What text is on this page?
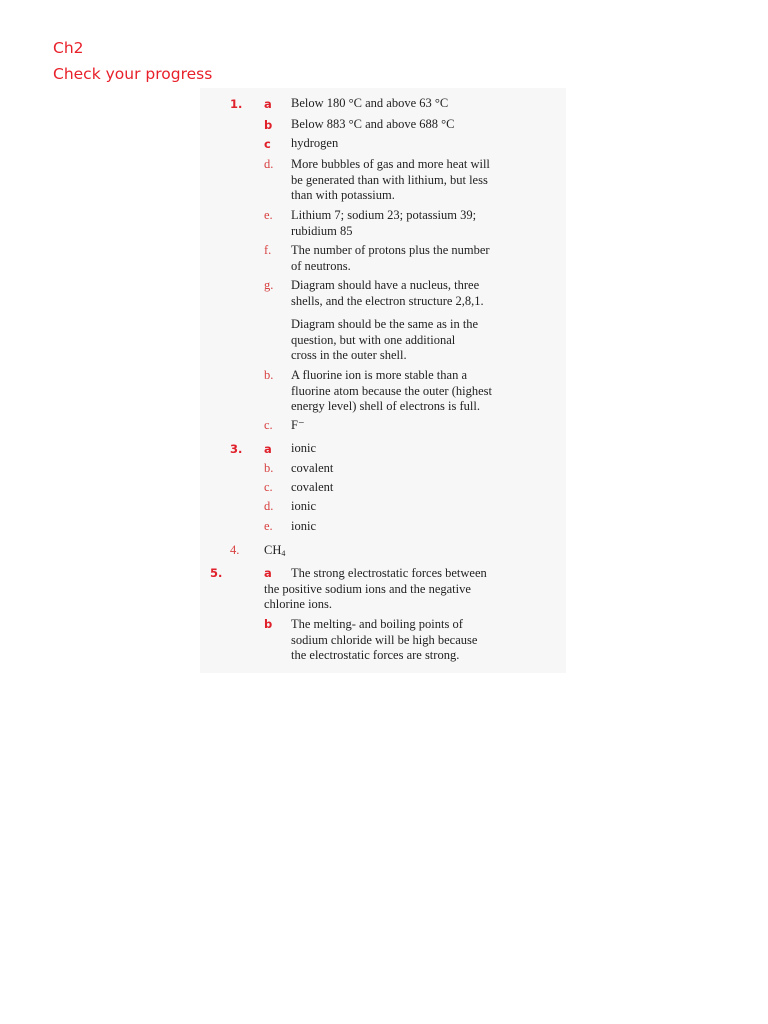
Ch2
Check your progress
1. a Below 180 °C and above 63 °C
b Below 883 °C and above 688 °C
c hydrogen
d. More bubbles of gas and more heat will
be generated than with lithium, but less
than with potassium.
e. Lithium 7; sodium 23; potassium 39;
rubidium 85
f. The number of protons plus the number
of neutrons.
g. Diagram should have a nucleus, three
shells, and the electron structure 2,8,1.
Diagram should be the same as in the
question, but with one additional
cross in the outer shell.
b. A fluorine ion is more stable than a
fluorine atom because the outer (highest
energy level) shell of electrons is full.
c. F⁻
3. a ionic
b. covalent
c. covalent
d. ionic
e. ionic
4. $CH_4$
5.	a	The strong electrostatic forces between
the positive sodium ions and the negative
chlorine ions.
b The melting- and boiling points of
sodium chloride will be high because
the electrostatic forces are strong.
